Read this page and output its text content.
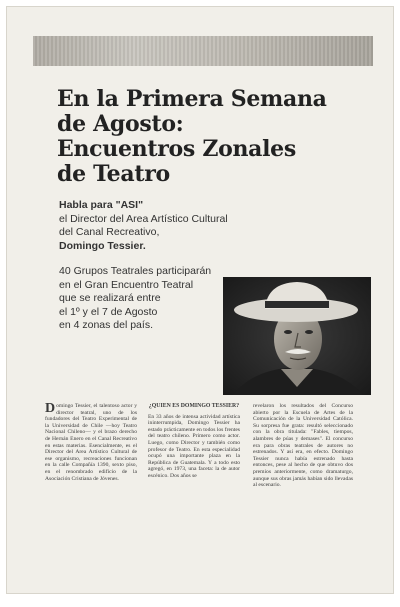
En la Primera Semana
de Agosto:
Encuentros Zonales
de Teatro
Habla para "ASI"
el Director del Area Artístico Cultural
del Canal Recreativo,
Domingo Tessier.
40 Grupos Teatrales participarán
en el Gran Encuentro Teatral
que se realizará entre
el 1º y el 7 de Agosto
en 4 zonas del país.
Domingo Tessier, el talentoso actor y director teatral, uno de los fundadores del Teatro Experimental de la Universidad de Chile —hoy Teatro Nacional Chileno— y el brazo derecho de Hernán Enero en el Canal Recreativo en estas materias. Esencialmente, es el Director del Area Artístico Cultural de ese organismo, recreaciones funcionan en la calle Compañía 1390, sexto piso, en el renombrado edificio de la Asociación Cristiana de Jóvenes.
¿QUIEN ES DOMINGO TESSIER?
En 33 años de intensa actividad artística ininterrumpida, Domingo Tessier ha estado prácticamente en todos los frentes del teatro chileno. Primero como actor. Luego, como Director y también como profesor de Teatro. En esta especialidad ocupó una importante plaza en la República de Guatemala. Y a todo esto agregó, en 1973, una faceta: la de autor escénico. Dos años se
revelaron los resultados del Concurso abierto por la Escuela de Artes de la Comunicación de la Universidad Católica. Su sorpresa fue grata: resultó seleccionado con la obra titulada: "Fables, tiempos, alambres de púas y demases". El concurso era para obras teatrales de autores no estrenados. Y así era, en efecto. Domingo Tessier nunca había estrenado hasta entonces, pese al hecho de que obtuvo dos premios anteriormente, como dramaturgo, aunque sus obras jamás habían sido llevadas al escenario.
